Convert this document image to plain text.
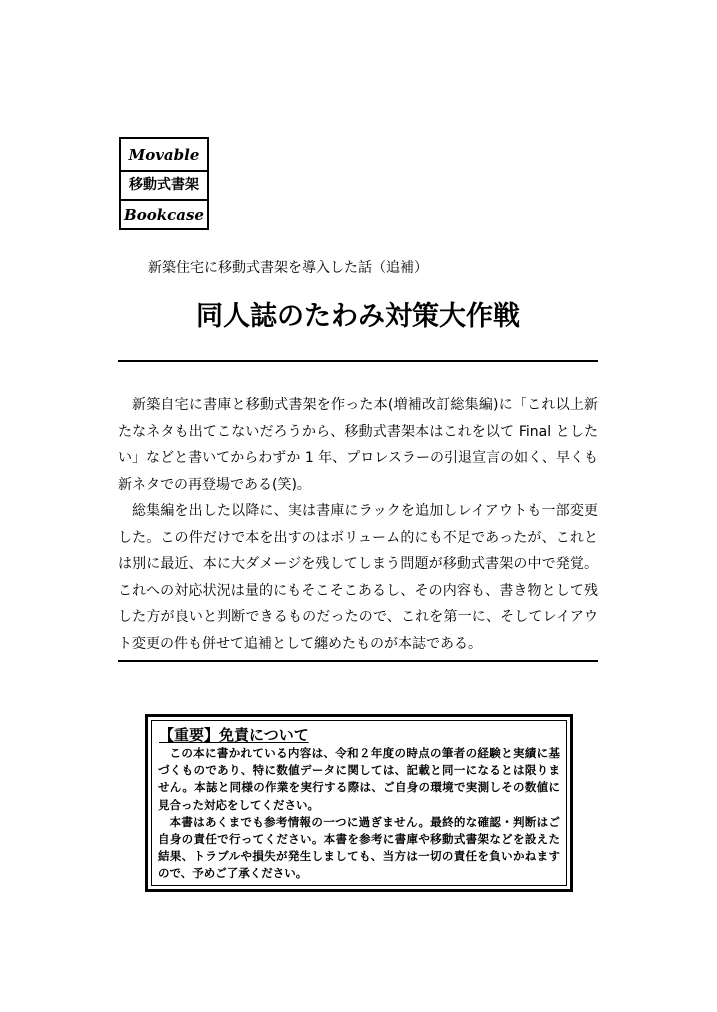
Movable
移動式書架
Bookcase
新築住宅に移動式書架を導入した話（追補）
同人誌のたわみ対策大作戦

新築自宅に書庫と移動式書架を作った本(増補改訂総集編)に「これ以上新たなネタも出てこないだろうから、移動式書架本はこれを以て Final としたい」などと書いてからわずか 1 年、プロレスラーの引退宣言の如く、早くも新ネタでの再登場である(笑)。

総集編を出した以降に、実は書庫にラックを追加しレイアウトも一部変更した。この件だけで本を出すのはボリューム的にも不足であったが、これとは別に最近、本に大ダメージを残してしまう問題が移動式書架の中で発覚。これへの対応状況は量的にもそこそこあるし、その内容も、書き物として残した方が良いと判断できるものだったので、これを第一に、そしてレイアウト変更の件も併せて追補として纏めたものが本誌である。

【重要】免責について

この本に書かれている内容は、令和２年度の時点の筆者の経験と実績に基づくものであり、特に数値データに関しては、記載と同一になるとは限りません。本誌と同様の作業を実行する際は、ご自身の環境で実測しその数値に見合った対応をしてください。

本書はあくまでも参考情報の一つに過ぎません。最終的な確認・判断はご自身の責任で行ってください。本書を参考に書庫や移動式書架などを設えた結果、トラブルや損失が発生しましても、当方は一切の責任を負いかねますので、予めご了承ください。
